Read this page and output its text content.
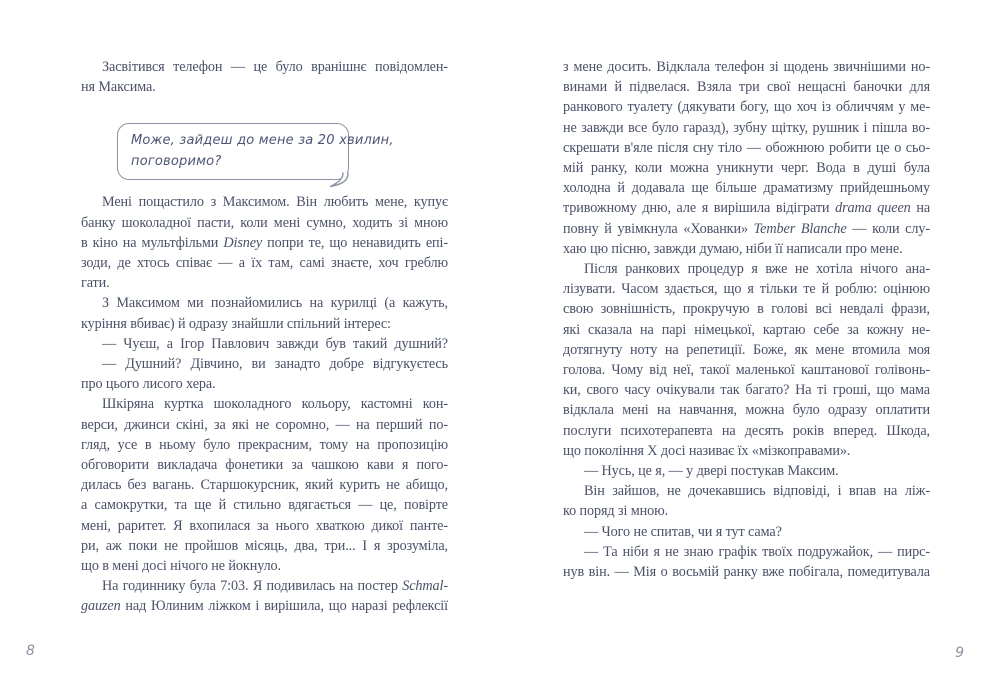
Засвітився телефон — це було вранішнє повідомлен-
ня Максима.
Може, зайдеш до мене за 20 хвилин,
поговоримо?
Мені пощастило з Максимом. Він любить мене, купує
банку шоколадної пасти, коли мені сумно, ходить зі мною
в кіно на мультфільми Disney попри те, що ненавидить епі-
зоди, де хтось співає — а їх там, самі знаєте, хоч греблю гати.
З Максимом ми познайомились на курилці (а кажуть,
куріння вбиває) й одразу знайшли спільний інтерес:
— Чуєш, а Ігор Павлович завжди був такий душний?
— Душний? Дівчино, ви занадто добре відгукуєтесь
про цього лисого хера.
Шкіряна куртка шоколадного кольору, кастомні кон-
верси, джинси скіні, за які не соромно, — на перший по-
гляд, усе в ньому було прекрасним, тому на пропозицію
обговорити викладача фонетики за чашкою кави я пого-
дилась без вагань. Старшокурсник, який курить не абищо,
а самокрутки, та ще й стильно вдягається — це, повірте
мені, раритет. Я вхопилася за нього хваткою дикої панте-
ри, аж поки не пройшов місяць, два, три... І я зрозуміла,
що в мені досі нічого не йокнуло.
На годиннику була 7:03. Я подивилась на постер Schmal-
gauzen над Юлиним ліжком і вирішила, що наразі рефлексії
з мене досить. Відклала телефон зі щодень звичнішими но-
винами й підвелася. Взяла три свої нещасні баночки для
ранкового туалету (дякувати богу, що хоч із обличчям у ме-
не завжди все було гаразд), зубну щітку, рушник і пішла во-
скрешати в'яле після сну тіло — обожнюю робити це о сьо-
мій ранку, коли можна уникнути черг. Вода в душі була
холодна й додавала ще більше драматизму прийдешньому
тривожному дню, але я вирішила відіграти drama queen на
повну й увімкнула «Хованки» Tember Blanche — коли слу-
хаю цю пісню, завжди думаю, ніби її написали про мене.
Після ранкових процедур я вже не хотіла нічого ана-
лізувати. Часом здається, що я тільки те й роблю: оцінюю
свою зовнішність, прокручую в голові всі невдалі фрази,
які сказала на парі німецької, картаю себе за кожну не-
дотягнуту ноту на репетиції. Боже, як мене втомила моя
голова. Чому від неї, такої маленької каштанової голівонь-
ки, свого часу очікували так багато? На ті гроші, що мама
відклала мені на навчання, можна було одразу оплатити
послуги психотерапевта на десять років вперед. Шкода,
що покоління X досі називає їх «мізкоправами».
— Нусь, це я, — у двері постукав Максим.
Він зайшов, не дочекавшись відповіді, і впав на ліж-
ко поряд зі мною.
— Чого не спитав, чи я тут сама?
— Та ніби я не знаю графік твоїх подружайок, — пирс-
нув він. — Мія о восьмій ранку вже побігала, помедитувала
8	9
